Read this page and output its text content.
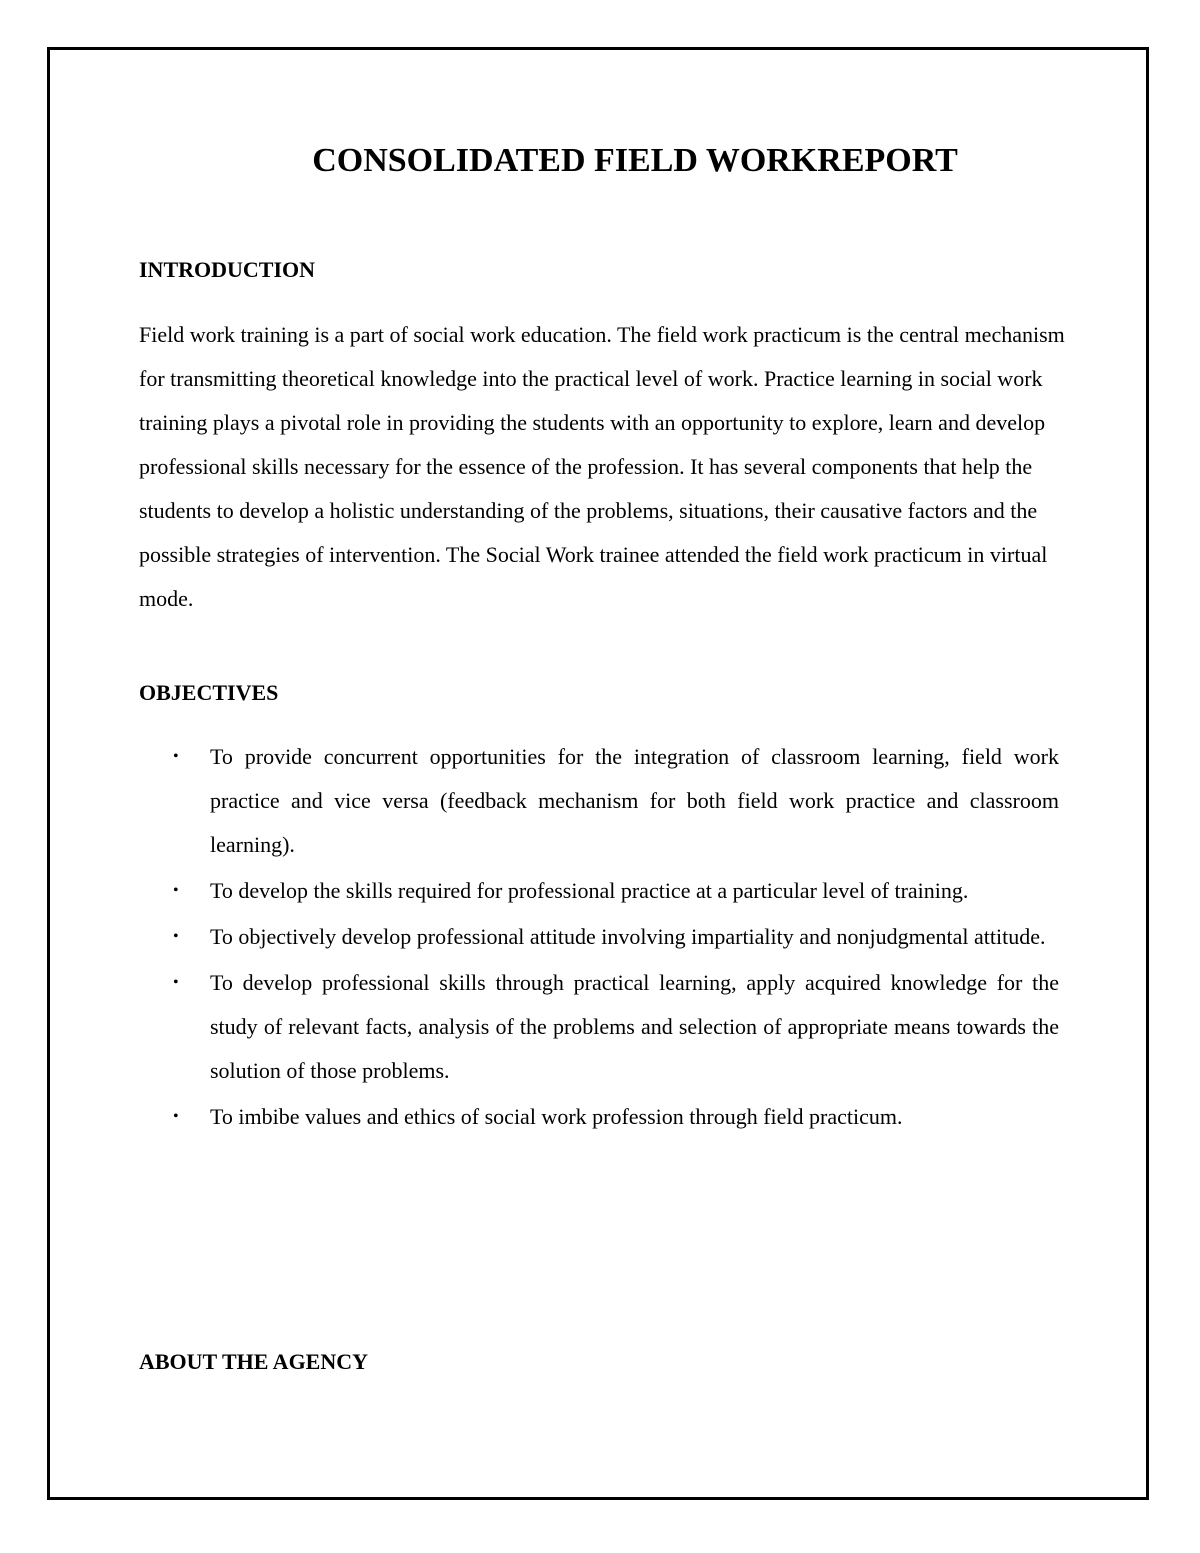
CONSOLIDATED FIELD WORKREPORT
INTRODUCTION

Field work training is a part of social work education. The field work practicum is the central mechanism for transmitting theoretical knowledge into the practical level of work. Practice learning in social work training plays a pivotal role in providing the students with an opportunity to explore, learn and develop professional skills necessary for the essence of the profession. It has several components that help the students to develop a holistic understanding of the problems, situations, their causative factors and the possible strategies of intervention. The Social Work trainee attended the field work practicum in virtual mode.

OBJECTIVES
• To provide concurrent opportunities for the integration of classroom learning, field work practice and vice versa (feedback mechanism for both field work practice and classroom learning).
• To develop the skills required for professional practice at a particular level of training.
• To objectively develop professional attitude involving impartiality and nonjudgmental attitude.
• To develop professional skills through practical learning, apply acquired knowledge for the study of relevant facts, analysis of the problems and selection of appropriate means towards the solution of those problems.
• To imbibe values and ethics of social work profession through field practicum.
ABOUT THE AGENCY
